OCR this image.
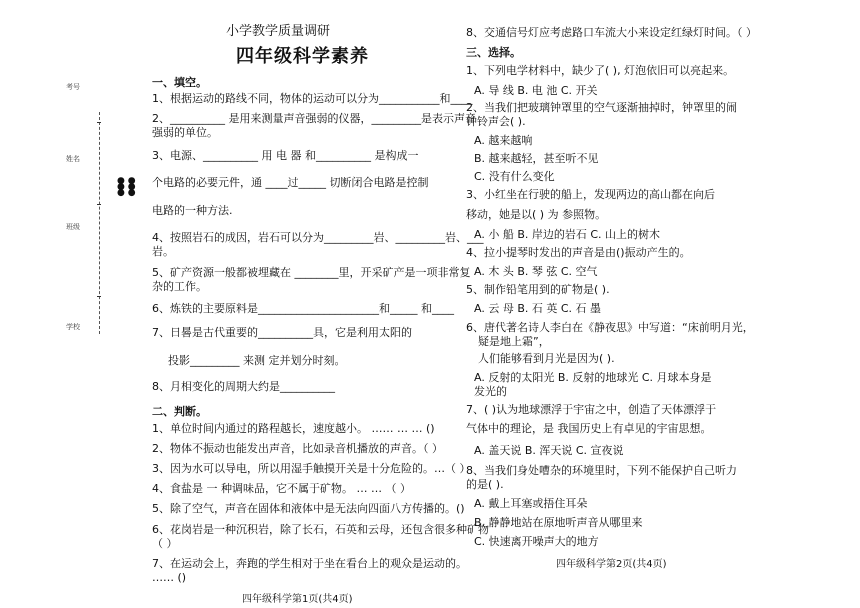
考号
姓名
班级
学校
● ●
● ●
● ●
小学教学质量调研
四年级科学素养
一、填空。
1、根据运动的路线不同，物体的运动可以分为___________和____
2、__________ 是用来测量声音强弱的仪器，_________是表示声音
强弱的单位。
3、电源、__________ 用 电 器 和__________ 是构成一
个电路的必要元件，通 ____过_____ 切断闭合电路是控制
电路的一种方法.
4、按照岩石的成因，岩石可以分为_________岩、_________岩、___
岩。
5、矿产资源一般都被埋藏在 ________里，开采矿产是一项非常复
杂的工作。
6、炼铁的主要原料是______________________和_____ 和____
7、日晷是古代重要的__________具，它是利用太阳的
投影_________ 来测 定并划分时刻。
8、月相变化的周期大约是__________
二、判断。
1、单位时间内通过的路程越长，速度越小。 …… … … ()
2、物体不振动也能发出声音，比如录音机播放的声音。（ ）
3、因为水可以导电，所以用湿手触摸开关是十分危险的。…（ ）
4、食盐是 一 种调味品，它不属于矿物。 … … （ ）
5、除了空气，声音在固体和液体中是无法向四面八方传播的。()
6、花岗岩是一种沉积岩，除了长石，石英和云母，还包含很多种矿物
（ ）
7、在运动会上，奔跑的学生相对于坐在看台上的观众是运动的。
…… ()
四年级科学第1页(共4页)
8、交通信号灯应考虑路口车流大小来设定红绿灯时间。（ ）
三、选择。
1、下列电学材料中，缺少了( ), 灯泡依旧可以亮起来。
A. 导 线 B. 电 池 C. 开关
2、当我们把玻璃钟罩里的空气逐渐抽掉时，钟罩里的闹
钟铃声会( ).
A. 越来越响
B. 越来越轻，甚至听不见
C. 没有什么变化
3、小红坐在行驶的船上，发现两边的高山都在向后
移动，她是以( ) 为 参照物。
A. 小 船 B. 岸边的岩石 C. 山上的树木
4、拉小提琴时发出的声音是由()振动产生的。
A. 木 头 B. 琴 弦 C. 空气
5、制作铅笔用到的矿物是( ).
A. 云 母 B. 石 英 C. 石 墨
6、唐代著名诗人李白在《静夜思》中写道：“床前明月光，
疑是地上霜”，
人们能够看到月光是因为( ).
A. 反射的太阳光 B. 反射的地球光 C. 月球本身是
发光的
7、( )认为地球漂浮于宇宙之中，创造了天体漂浮于
气体中的理论，是 我国历史上有卓见的宇宙思想。
A. 盖天说 B. 浑天说 C. 宣夜说
8、当我们身处嘈杂的环境里时，下列不能保护自己听力
的是( ).
A. 戴上耳塞或捂住耳朵
B. 静静地站在原地听声音从哪里来
C. 快速离开噪声大的地方
四年级科学第2页(共4页)
